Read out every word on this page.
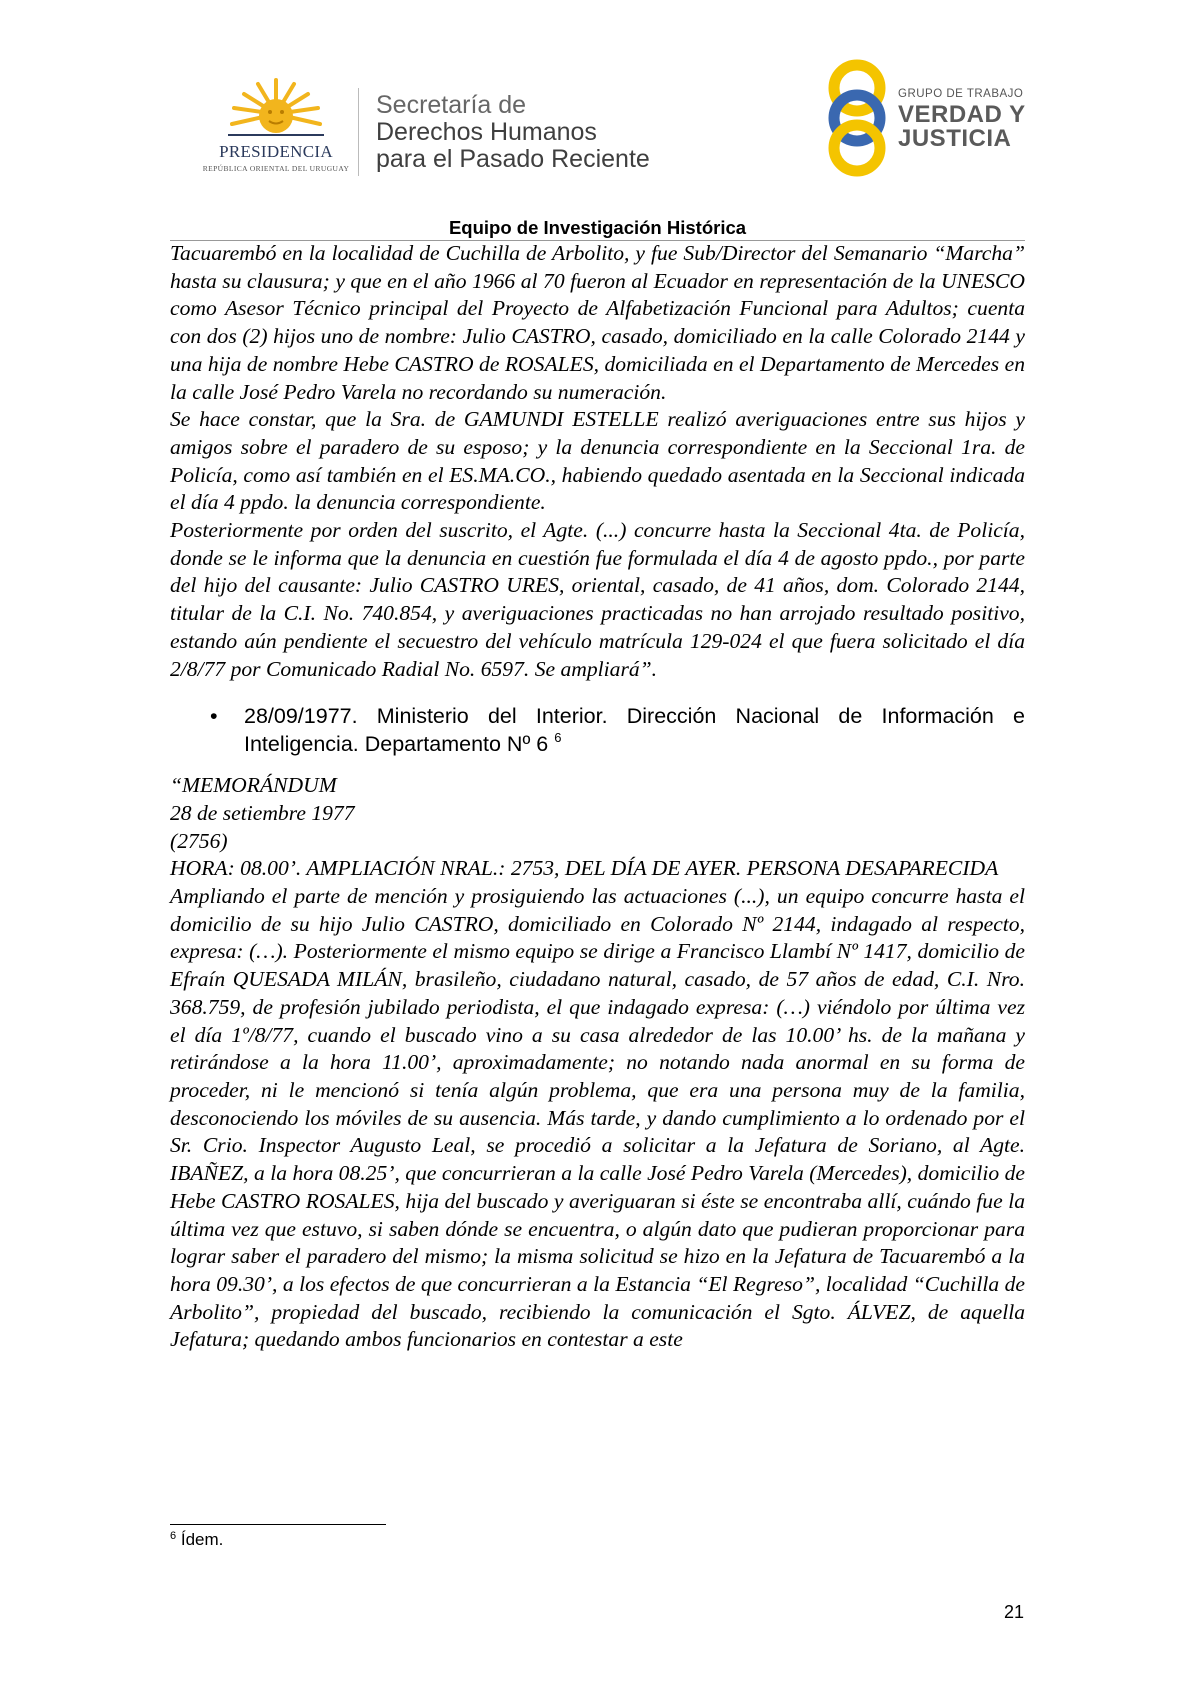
PRESIDENCIA
REPÚBLICA ORIENTAL DEL URUGUAY
Secretaría de
Derechos Humanos
para el Pasado Reciente
GRUPO DE TRABAJO
VERDAD Y
JUSTICIA
Equipo de Investigación Histórica

Tacuarembó en la localidad de Cuchilla de Arbolito, y fue Sub/Director del Semanario “Marcha” hasta su clausura; y que en el año 1966 al 70 fueron al Ecuador en representación de la UNESCO como Asesor Técnico principal del Proyecto de Alfabetización Funcional para Adultos; cuenta con dos (2) hijos uno de nombre: Julio CASTRO, casado, domiciliado en la calle Colorado 2144 y una hija de nombre Hebe CASTRO de ROSALES, domiciliada en el Departamento de Mercedes en la calle José Pedro Varela no recordando su numeración.

Se hace constar, que la Sra. de GAMUNDI ESTELLE realizó averiguaciones entre sus hijos y amigos sobre el paradero de su esposo; y la denuncia correspondiente en la Seccional 1ra. de Policía, como así también en el ES.MA.CO., habiendo quedado asentada en la Seccional indicada el día 4 ppdo. la denuncia correspondiente.

Posteriormente por orden del suscrito, el Agte. (...) concurre hasta la Seccional 4ta. de Policía, donde se le informa que la denuncia en cuestión fue formulada el día 4 de agosto ppdo., por parte del hijo del causante: Julio CASTRO URES, oriental, casado, de 41 años, dom. Colorado 2144, titular de la C.I. No. 740.854, y averiguaciones practicadas no han arrojado resultado positivo, estando aún pendiente el secuestro del vehículo matrícula 129-024 el que fuera solicitado el día 2/8/77 por Comunicado Radial No. 6597. Se ampliará”.

• 28/09/1977. Ministerio del Interior. Dirección Nacional de Información e Inteligencia. Departamento Nº 6 $^6$

“MEMORÁNDUM

28 de setiembre 1977

(2756)

HORA: 08.00’. AMPLIACIÓN NRAL.: 2753, DEL DÍA DE AYER. PERSONA DESAPARECIDA

Ampliando el parte de mención y prosiguiendo las actuaciones (...), un equipo concurre hasta el domicilio de su hijo Julio CASTRO, domiciliado en Colorado Nº 2144, indagado al respecto, expresa: (…). Posteriormente el mismo equipo se dirige a Francisco Llambí Nº 1417, domicilio de Efraín QUESADA MILÁN, brasileño, ciudadano natural, casado, de 57 años de edad, C.I. Nro. 368.759, de profesión jubilado periodista, el que indagado expresa: (…) viéndolo por última vez el día 1º/8/77, cuando el buscado vino a su casa alrededor de las 10.00’ hs. de la mañana y retirándose a la hora 11.00’, aproximadamente; no notando nada anormal en su forma de proceder, ni le mencionó si tenía algún problema, que era una persona muy de la familia, desconociendo los móviles de su ausencia. Más tarde, y dando cumplimiento a lo ordenado por el Sr. Crio. Inspector Augusto Leal, se procedió a solicitar a la Jefatura de Soriano, al Agte. IBAÑEZ, a la hora 08.25’, que concurrieran a la calle José Pedro Varela (Mercedes), domicilio de Hebe CASTRO ROSALES, hija del buscado y averiguaran si éste se encontraba allí, cuándo fue la última vez que estuvo, si saben dónde se encuentra, o algún dato que pudieran proporcionar para lograr saber el paradero del mismo; la misma solicitud se hizo en la Jefatura de Tacuarembó a la hora 09.30’, a los efectos de que concurrieran a la Estancia “El Regreso”, localidad “Cuchilla de Arbolito”, propiedad del buscado, recibiendo la comunicación el Sgto. ÁLVEZ, de aquella Jefatura; quedando ambos funcionarios en contestar a este

$^6$ Ídem.
21
